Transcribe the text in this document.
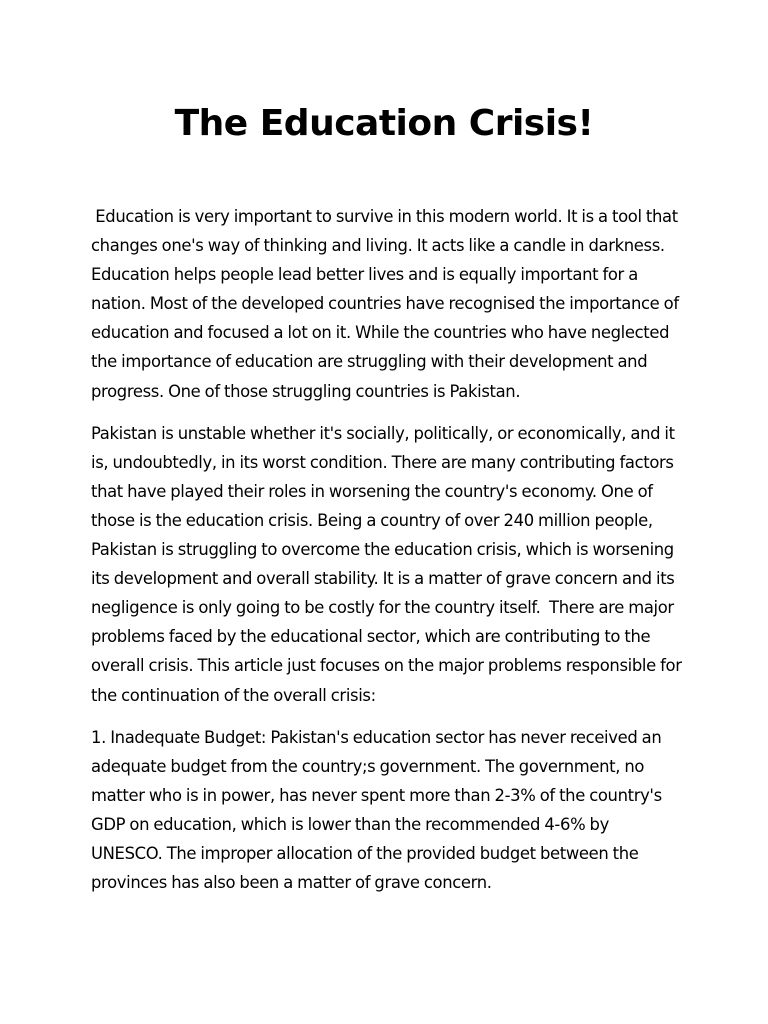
The Education Crisis!

Education is very important to survive in this modern world. It is a tool that changes one's way of thinking and living. It acts like a candle in darkness. Education helps people lead better lives and is equally important for a nation. Most of the developed countries have recognised the importance of education and focused a lot on it. While the countries who have neglected the importance of education are struggling with their development and progress. One of those struggling countries is Pakistan.

Pakistan is unstable whether it's socially, politically, or economically, and it is, undoubtedly, in its worst condition. There are many contributing factors that have played their roles in worsening the country's economy. One of those is the education crisis. Being a country of over 240 million people, Pakistan is struggling to overcome the education crisis, which is worsening its development and overall stability. It is a matter of grave concern and its negligence is only going to be costly for the country itself.  There are major problems faced by the educational sector, which are contributing to the overall crisis. This article just focuses on the major problems responsible for the continuation of the overall crisis:

1. Inadequate Budget: Pakistan's education sector has never received an adequate budget from the country;s government. The government, no matter who is in power, has never spent more than 2-3% of the country's GDP on education, which is lower than the recommended 4-6% by UNESCO. The improper allocation of the provided budget between the provinces has also been a matter of grave concern.
